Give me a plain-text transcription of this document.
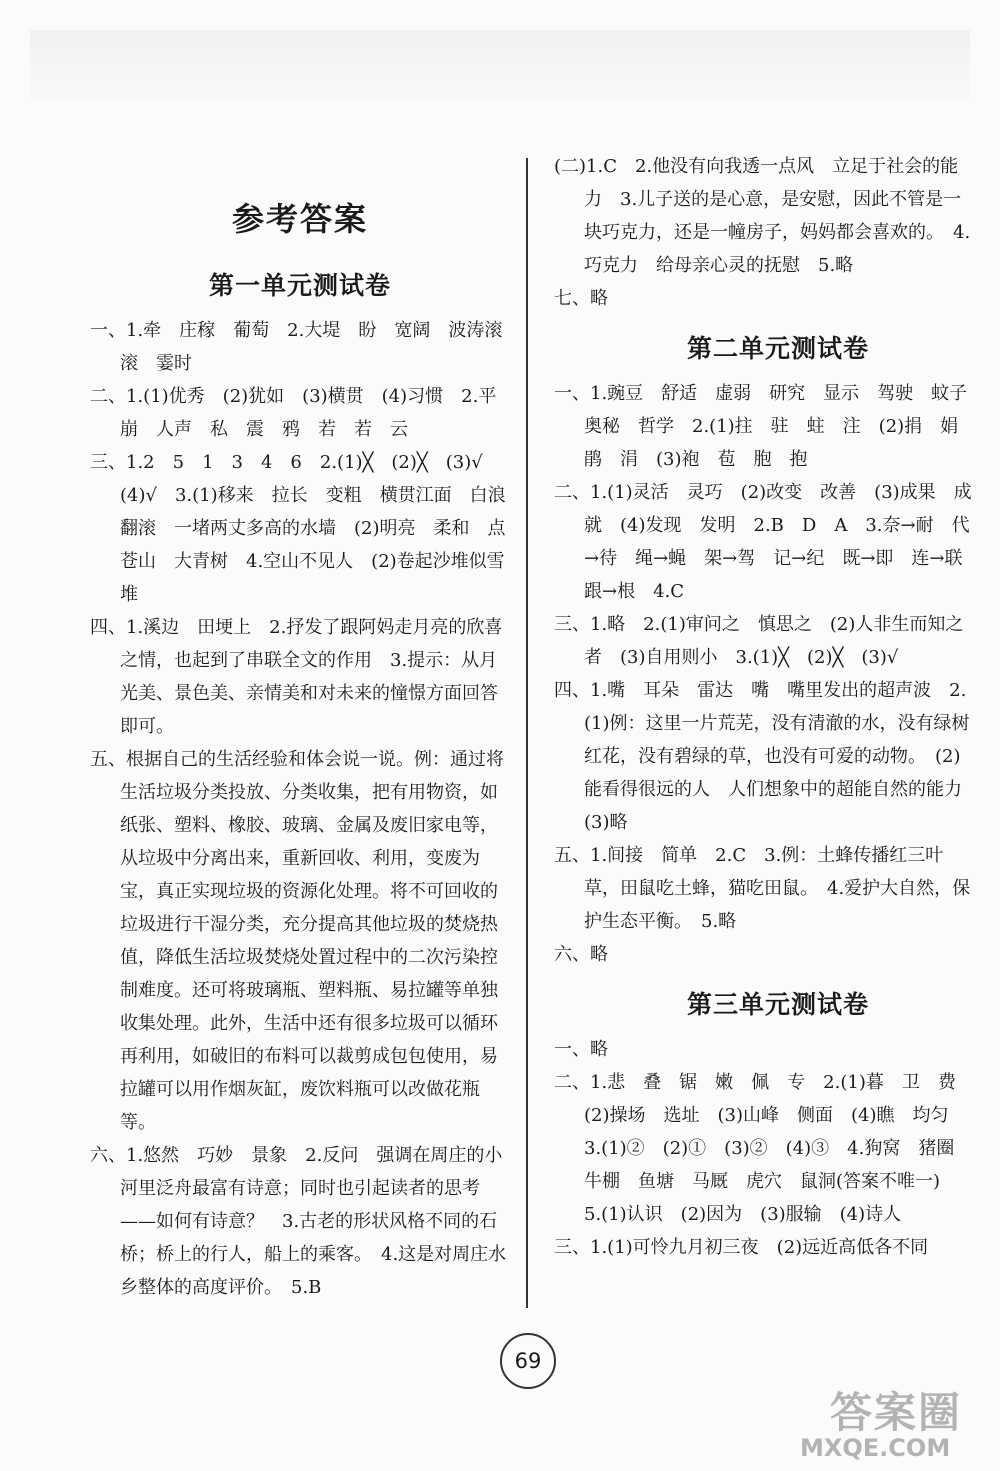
参考答案
第一单元测试卷
一、1.牵　庄稼　葡萄　2.大堤　盼　宽阔　波涛滚滚　霎时
二、1.(1)优秀　(2)犹如　(3)横贯　(4)习惯　2.平　崩　人声　私　震　鸦　若　若　云
三、1.2　5　1　3　4　6　2.(1)╳　(2)╳　(3)√　(4)√　3.(1)移来　拉长　变粗　横贯江面　白浪翻滚　一堵两丈多高的水墙　(2)明亮　柔和　点苍山　大青树　4.空山不见人　(2)卷起沙堆似雪堆
四、1.溪边　田埂上　2.抒发了跟阿妈走月亮的欣喜之情，也起到了串联全文的作用　3.提示：从月光美、景色美、亲情美和对未来的憧憬方面回答即可。
五、根据自己的生活经验和体会说一说。例：通过将生活垃圾分类投放、分类收集，把有用物资，如纸张、塑料、橡胶、玻璃、金属及废旧家电等，从垃圾中分离出来，重新回收、利用，变废为宝，真正实现垃圾的资源化处理。将不可回收的垃圾进行干湿分类，充分提高其他垃圾的焚烧热值，降低生活垃圾焚烧处置过程中的二次污染控制难度。还可将玻璃瓶、塑料瓶、易拉罐等单独收集处理。此外，生活中还有很多垃圾可以循环再利用，如破旧的布料可以裁剪成包包使用，易拉罐可以用作烟灰缸，废饮料瓶可以改做花瓶等。
六、1.悠然　巧妙　景象　2.反问　强调在周庄的小河里泛舟最富有诗意；同时也引起读者的思考——如何有诗意？　3.古老的形状风格不同的石桥；桥上的行人，船上的乘客。　4.这是对周庄水乡整体的高度评价。　5.B
(二)1.C　2.他没有向我透一点风　立足于社会的能力　3.儿子送的是心意，是安慰，因此不管是一块巧克力，还是一幢房子，妈妈都会喜欢的。　4.巧克力　给母亲心灵的抚慰　5.略
七、略
第二单元测试卷
一、1.豌豆　舒适　虚弱　研究　显示　驾驶　蚊子　奥秘　哲学　2.(1)拄　驻　蛀　注　(2)捐　娟　鹃　涓　(3)袍　苞　胞　抱
二、1.(1)灵活　灵巧　(2)改变　改善　(3)成果　成就　(4)发现　发明　2.B　D　A　3.奈→耐　代→待　绳→蝇　架→驾　记→纪　既→即　连→联　跟→根　4.C
三、1.略　2.(1)审问之　慎思之　(2)人非生而知之者　(3)自用则小　3.(1)╳　(2)╳　(3)√
四、1.嘴　耳朵　雷达　嘴　嘴里发出的超声波　2.(1)例：这里一片荒芜，没有清澈的水，没有绿树红花，没有碧绿的草，也没有可爱的动物。　(2)能看得很远的人　人们想象中的超能自然的能力　(3)略
五、1.间接　简单　2.C　3.例：土蜂传播红三叶草，田鼠吃土蜂，猫吃田鼠。　4.爱护大自然，保护生态平衡。　5.略
六、略
第三单元测试卷
一、略
二、1.悲　叠　锯　嫩　佩　专　2.(1)暮　卫　费　(2)操场　选址　(3)山峰　侧面　(4)瞧　均匀　3.(1)②　(2)①　(3)②　(4)③　4.狗窝　猪圈　牛棚　鱼塘　马厩　虎穴　鼠洞(答案不唯一)　5.(1)认识　(2)因为　(3)服输　(4)诗人
三、1.(1)可怜九月初三夜　(2)远近高低各不同
69
答案圈
MXQE.COM
